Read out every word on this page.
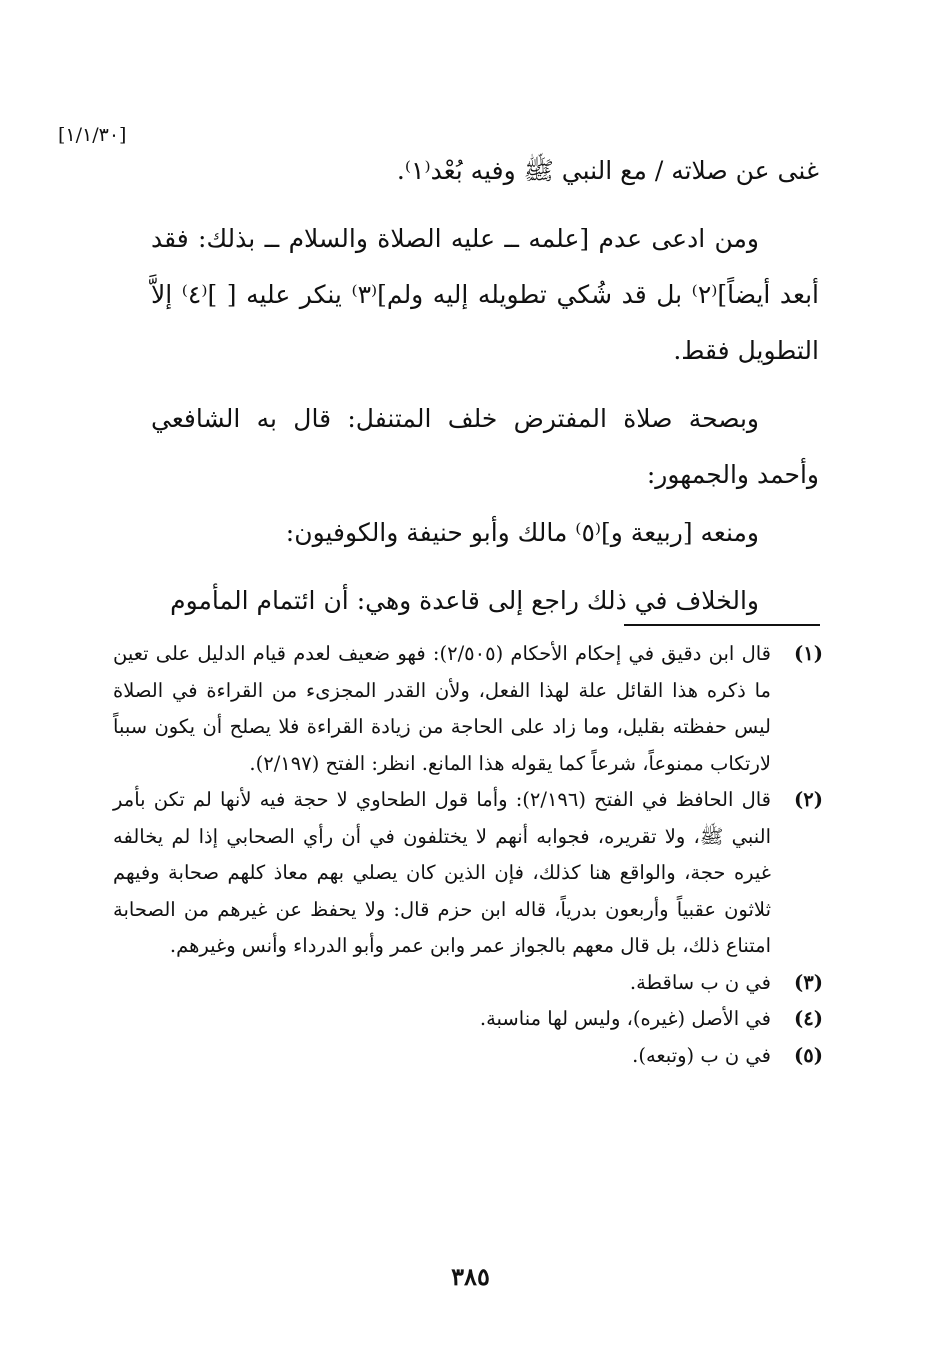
[١/١/٣٠]

غنى عن صلاته / مع النبي ﷺ وفيه بُعْد⁽١⁾.

ومن ادعى عدم [علمه ــ عليه الصلاة والسلام ــ بذلك: فقد أبعد أيضاً]⁽٢⁾ بل قد شُكي تطويله إليه ولم]⁽٣⁾ ينكر عليه [ ]⁽٤⁾ إلاَّ التطويل فقط.

وبصحة صلاة المفترض خلف المتنفل: قال به الشافعي وأحمد والجمهور:

ومنعه [ربيعة و]⁽٥⁾ مالك وأبو حنيفة والكوفيون:

والخلاف في ذلك راجع إلى قاعدة وهي: أن ائتمام المأموم

(١)
قال ابن دقيق في إحكام الأحكام (٢/٥٠٥): فهو ضعيف لعدم قيام الدليل على تعين ما ذكره هذا القائل علة لهذا الفعل، ولأن القدر المجزىء من القراءة في الصلاة ليس حفظته بقليل، وما زاد على الحاجة من زيادة القراءة فلا يصلح أن يكون سبباً لارتكاب ممنوعاً، شرعاً كما يقوله هذا المانع. انظر: الفتح (٢/١٩٧).
(٢)
قال الحافظ في الفتح (٢/١٩٦): وأما قول الطحاوي لا حجة فيه لأنها لم تكن بأمر النبي ﷺ، ولا تقريره، فجوابه أنهم لا يختلفون في أن رأي الصحابي إذا لم يخالفه غيره حجة، والواقع هنا كذلك، فإن الذين كان يصلي بهم معاذ كلهم صحابة وفيهم ثلاثون عقبياً وأربعون بدرياً، قاله ابن حزم قال: ولا يحفظ عن غيرهم من الصحابة امتناع ذلك، بل قال معهم بالجواز عمر وابن عمر وأبو الدرداء وأنس وغيرهم.
(٣)
في ن ب ساقطة.
(٤)
في الأصل (غيره)، وليس لها مناسبة.
(٥)
في ن ب (وتبعه).
٣٨٥
